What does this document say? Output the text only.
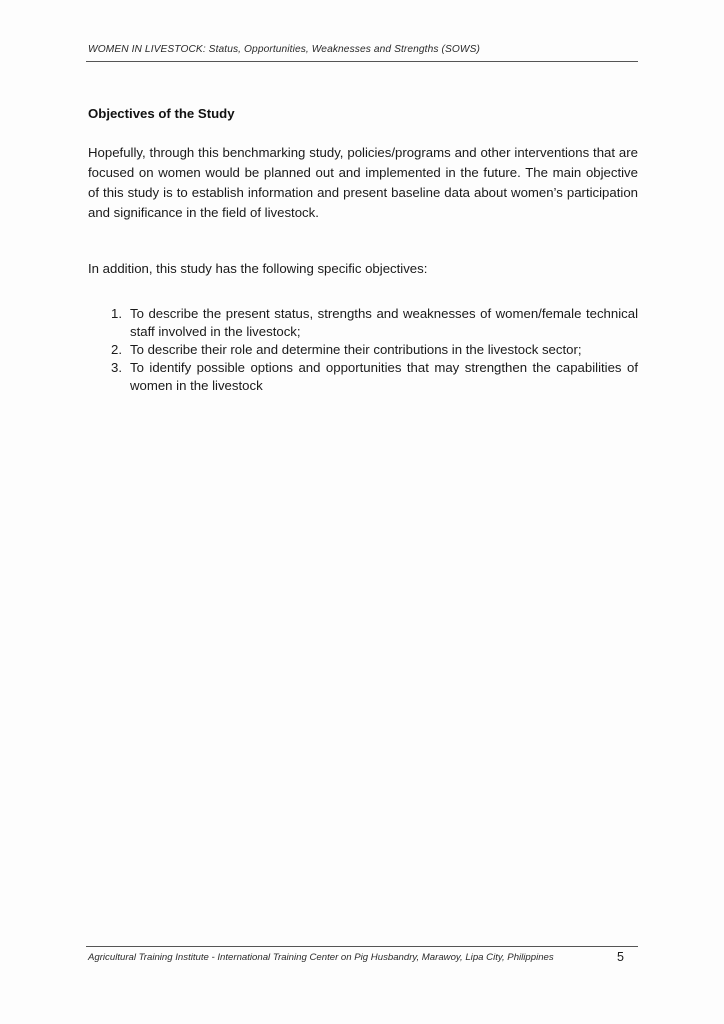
WOMEN IN LIVESTOCK: Status, Opportunities, Weaknesses and Strengths (SOWS)
Objectives of the Study

Hopefully, through this benchmarking study, policies/programs and other interventions that are focused on women would be planned out and implemented in the future. The main objective of this study is to establish information and present baseline data about women’s participation and significance in the field of livestock.

In addition, this study has the following specific objectives:

1. To describe the present status, strengths and weaknesses of women/female technical staff involved in the livestock;
2. To describe their role and determine their contributions in the livestock sector;
3. To identify possible options and opportunities that may strengthen the capabilities of women in the livestock
Agricultural Training Institute - International Training Center on Pig Husbandry, Marawoy, Lipa City, Philippines	5
